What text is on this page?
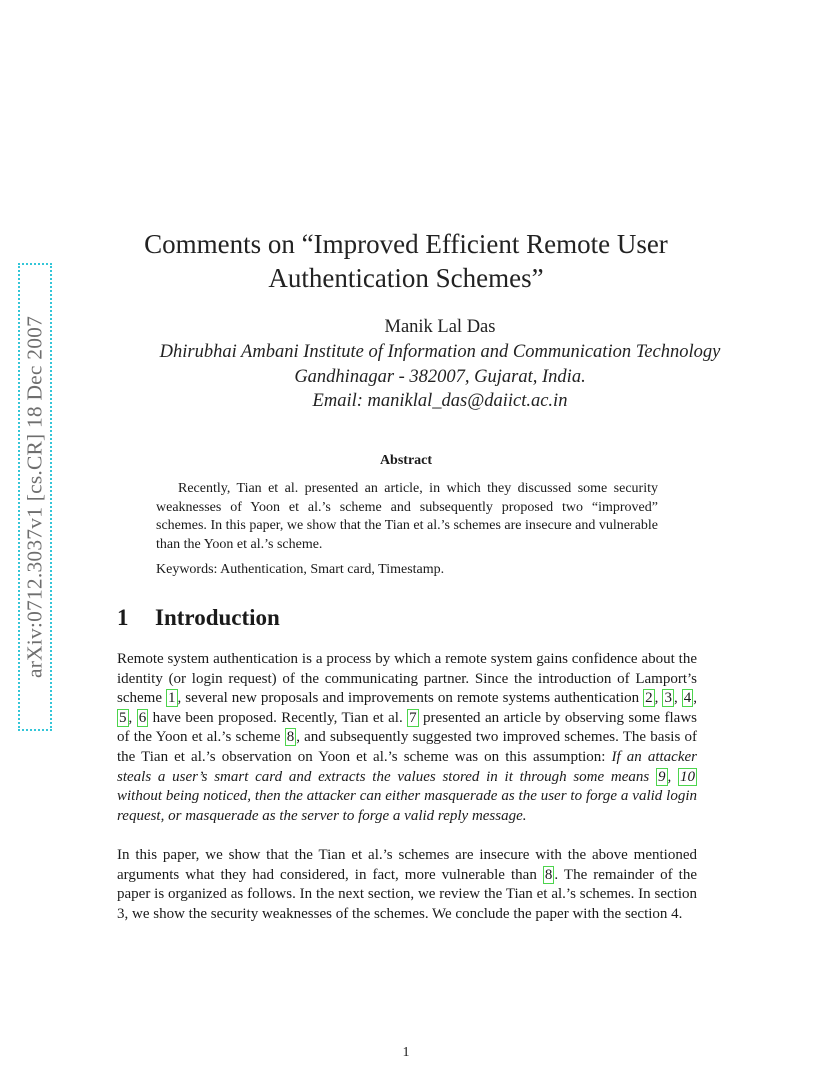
arXiv:0712.3037v1 [cs.CR] 18 Dec 2007
Comments on “Improved Efficient Remote User
Authentication Schemes”
Manik Lal Das
Dhirubhai Ambani Institute of Information and Communication Technology
Gandhinagar - 382007, Gujarat, India.
Email: maniklal_das@daiict.ac.in
Abstract

Recently, Tian et al. presented an article, in which they discussed some security weaknesses of Yoon et al.’s scheme and subsequently proposed two “improved” schemes. In this paper, we show that the Tian et al.’s schemes are insecure and vulnerable than the Yoon et al.’s scheme.

Keywords: Authentication, Smart card, Timestamp.
1 Introduction

Remote system authentication is a process by which a remote system gains confidence about the identity (or login request) of the communicating partner. Since the introduction of Lamport’s scheme 1 , several new proposals and improvements on remote systems authentication 2 , 3 , 4 , 5 , 6 have been proposed. Recently, Tian et al. 7 presented an article by observing some flaws of the Yoon et al.’s scheme 8 , and subsequently suggested two improved schemes. The basis of the Tian et al.’s observation on Yoon et al.’s scheme was on this assumption: If an attacker steals a user’s smart card and extracts the values stored in it through some means 9 , 10 without being noticed, then the attacker can either masquerade as the user to forge a valid login request, or masquerade as the server to forge a valid reply message.

In this paper, we show that the Tian et al.’s schemes are insecure with the above mentioned arguments what they had considered, in fact, more vulnerable than 8 . The remainder of the paper is organized as follows. In the next section, we review the Tian et al.’s schemes. In section 3, we show the security weaknesses of the schemes. We conclude the paper with the section 4.

1
